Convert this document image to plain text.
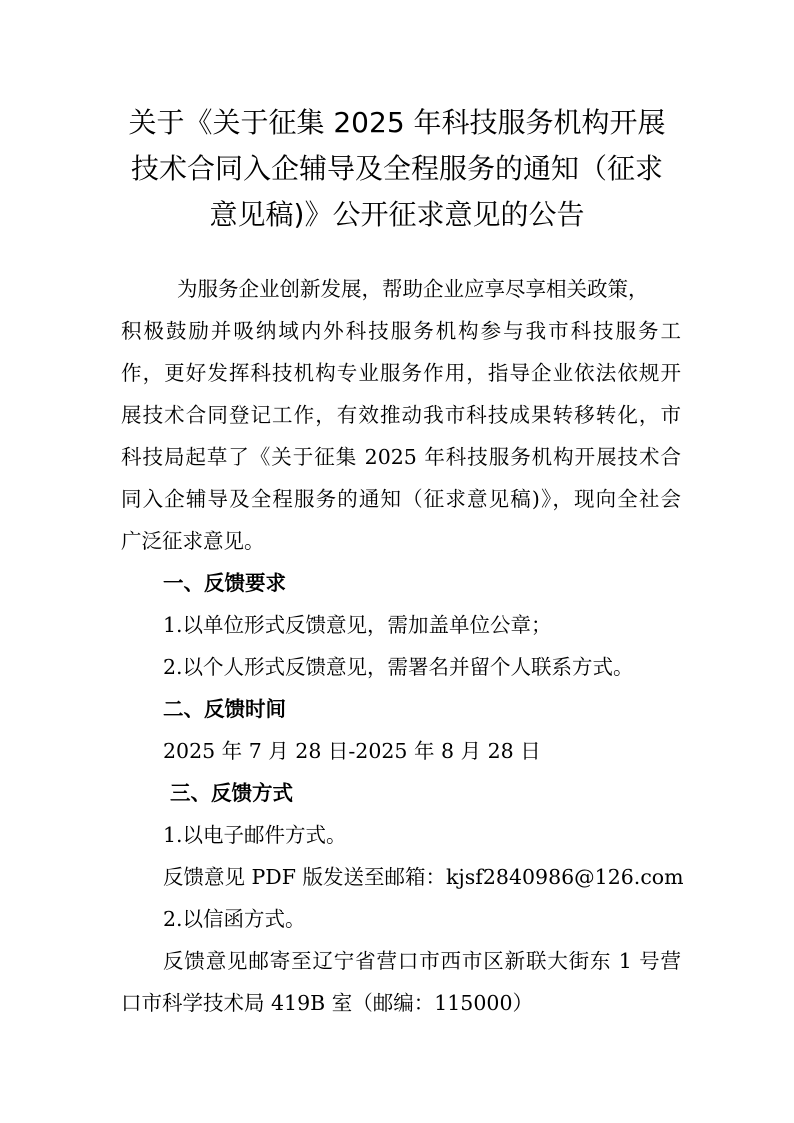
关于《关于征集 2025 年科技服务机构开展
技术合同入企辅导及全程服务的通知（征求
意见稿)》公开征求意见的公告
为服务企业创新发展，帮助企业应享尽享相关政策，
积极鼓励并吸纳域内外科技服务机构参与我市科技服务工
作，更好发挥科技机构专业服务作用，指导企业依法依规开
展技术合同登记工作，有效推动我市科技成果转移转化，市
科技局起草了《关于征集 2025 年科技服务机构开展技术合
同入企辅导及全程服务的通知（征求意见稿)》，现向全社会
广泛征求意见。
一、反馈要求
1.以单位形式反馈意见，需加盖单位公章；
2.以个人形式反馈意见，需署名并留个人联系方式。
二、反馈时间
2025 年 7 月 28 日-2025 年 8 月 28 日
三、反馈方式
1.以电子邮件方式。
反馈意见 PDF 版发送至邮箱：kjsf2840986@126.com
2.以信函方式。
反馈意见邮寄至辽宁省营口市西市区新联大街东 1 号营
口市科学技术局 419B 室（邮编：115000）
